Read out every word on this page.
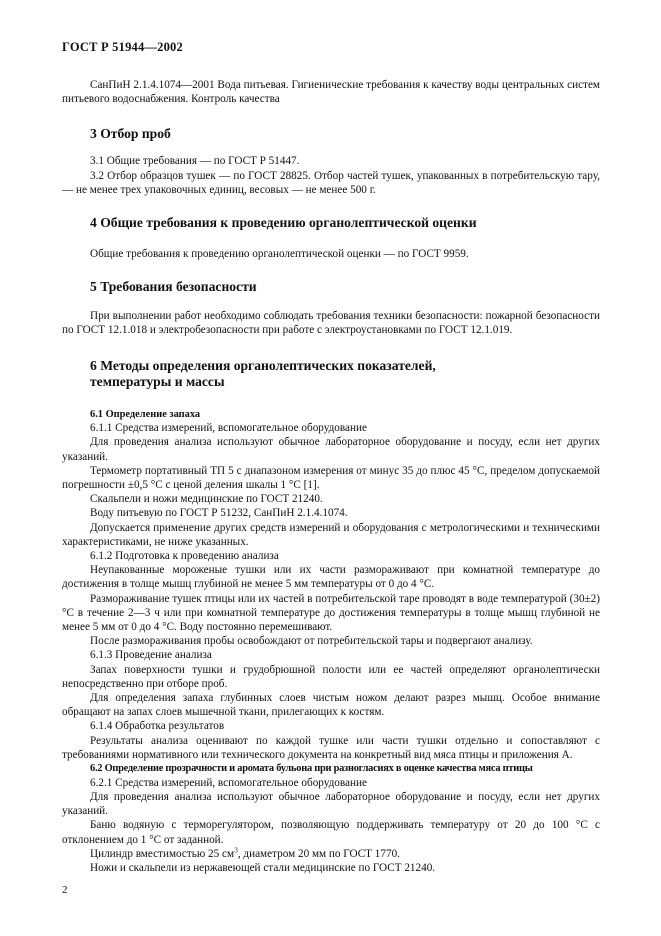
ГОСТ Р 51944—2002

СанПиН 2.1.4.1074—2001 Вода питьевая. Гигиенические требования к качеству воды центральных систем питьевого водоснабжения. Контроль качества

3 Отбор проб

3.1 Общие требования — по ГОСТ Р 51447.

3.2 Отбор образцов тушек — по ГОСТ 28825. Отбор частей тушек, упакованных в потребительскую тару, — не менее трех упаковочных единиц, весовых — не менее 500 г.

4 Общие требования к проведению органолептической оценки

Общие требования к проведению органолептической оценки — по ГОСТ 9959.

5 Требования безопасности

При выполнении работ необходимо соблюдать требования техники безопасности: пожарной безопасности по ГОСТ 12.1.018 и электробезопасности при работе с электроустановками по ГОСТ 12.1.019.

6 Методы определения органолептических показателей,

температуры и массы

6.1 Определение запаха

6.1.1 Средства измерений, вспомогательное оборудование

Для проведения анализа используют обычное лабораторное оборудование и посуду, если нет других указаний.

Термометр портативный ТП 5 с диапазоном измерения от минус 35 до плюс 45 °С, пределом допускаемой погрешности ±0,5 °С с ценой деления шкалы 1 °С [1].

Скальпели и ножи медицинские по ГОСТ 21240.

Воду питьевую по ГОСТ Р 51232, СанПиН 2.1.4.1074.

Допускается применение других средств измерений и оборудования с метрологическими и техническими характеристиками, не ниже указанных.

6.1.2 Подготовка к проведению анализа

Неупакованные мороженые тушки или их части размораживают при комнатной температуре до достижения в толще мышц глубиной не менее 5 мм температуры от 0 до 4 °С.

Размораживание тушек птицы или их частей в потребительской таре проводят в воде температурой (30±2) °С в течение 2—3 ч или при комнатной температуре до достижения температуры в толще мышц глубиной не менее 5 мм от 0 до 4 °С. Воду постоянно перемешивают.

После размораживания пробы освобождают от потребительской тары и подвергают анализу.

6.1.3 Проведение анализа

Запах поверхности тушки и грудобрюшной полости или ее частей определяют органолептически непосредственно при отборе проб.

Для определения запаха глубинных слоев чистым ножом делают разрез мышц. Особое внимание обращают на запах слоев мышечной ткани, прилегающих к костям.

6.1.4 Обработка результатов

Результаты анализа оценивают по каждой тушке или части тушки отдельно и сопоставляют с требованиями нормативного или технического документа на конкретный вид мяса птицы и приложения А.

6.2 Определение прозрачности и аромата бульона при разногласиях в оценке качества мяса птицы

6.2.1 Средства измерений, вспомогательное оборудование

Для проведения анализа используют обычное лабораторное оборудование и посуду, если нет других указаний.

Баню водяную с терморегулятором, позволяющую поддерживать температуру от 20 до 100 °С с отклонением до 1 °С от заданной.

Цилиндр вместимостью 25 $см^3$, диаметром 20 мм по ГОСТ 1770.

Ножи и скальпели из нержавеющей стали медицинские по ГОСТ 21240.

2
